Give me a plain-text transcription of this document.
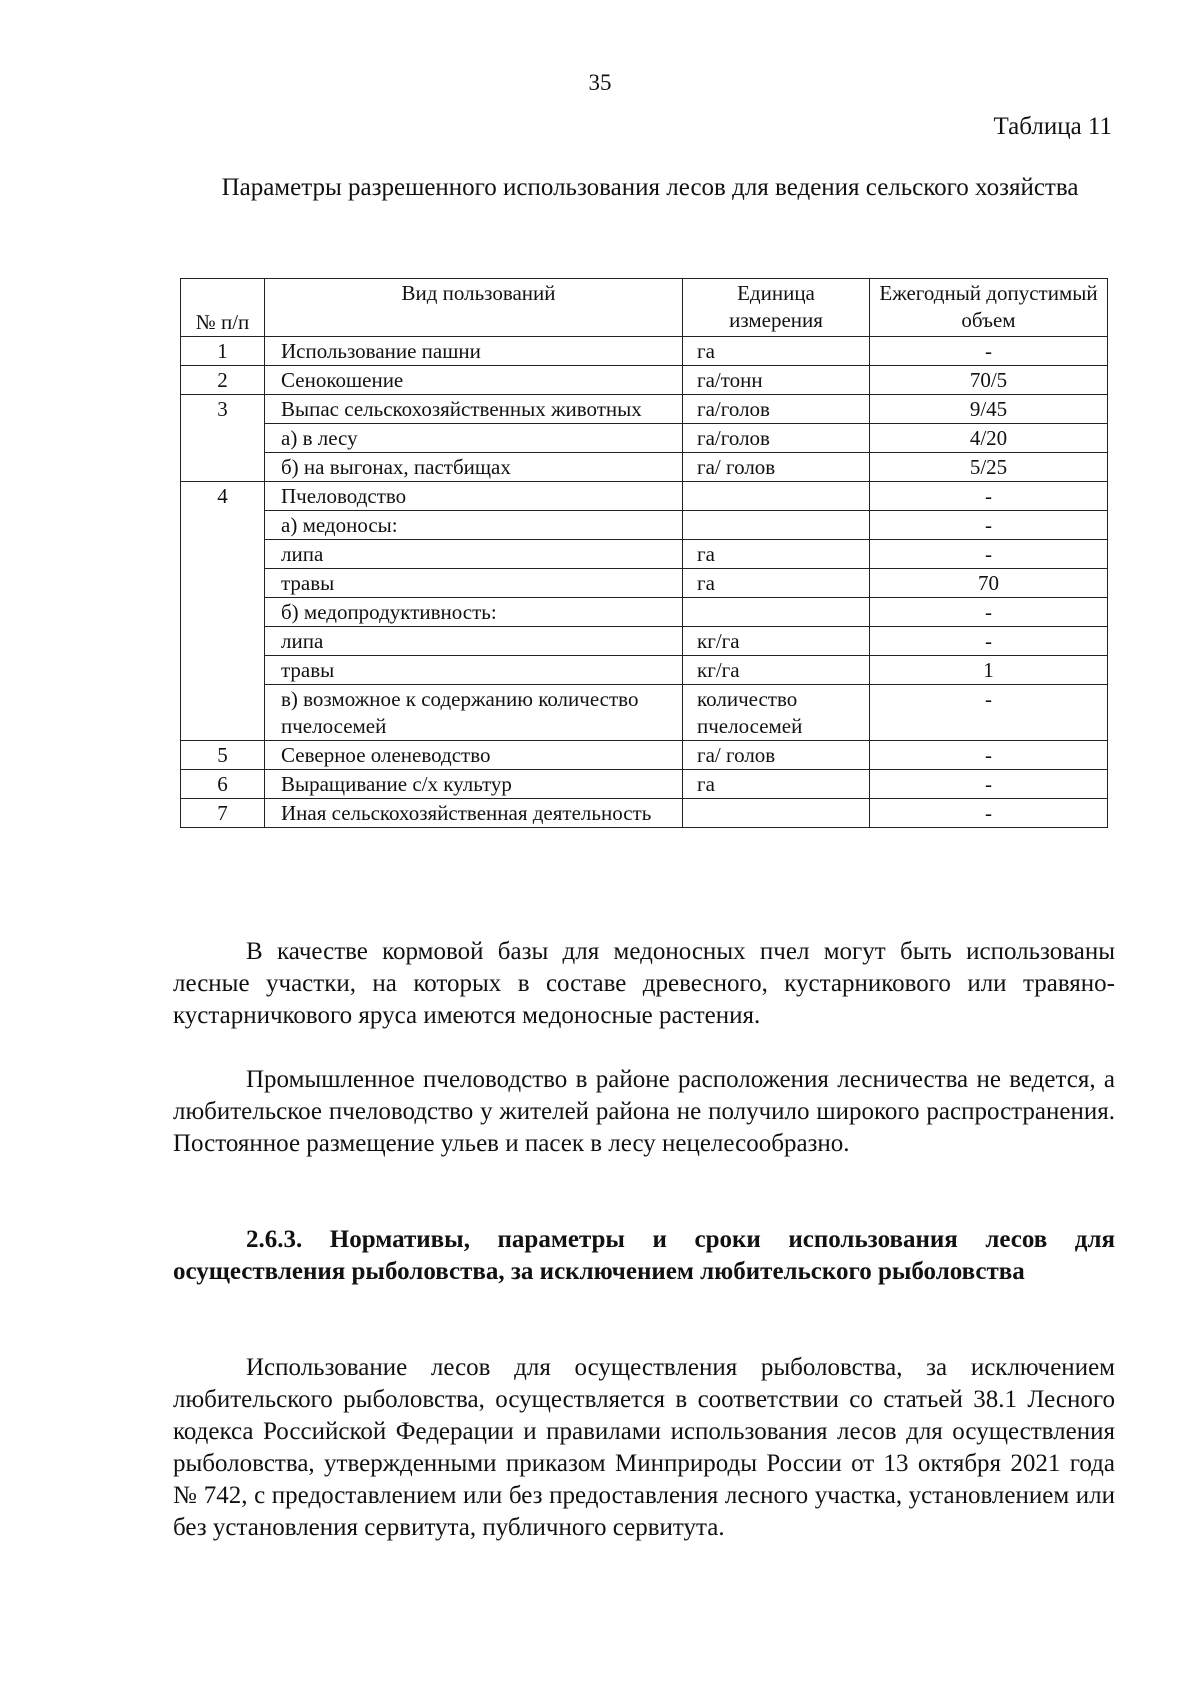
35
Таблица 11
Параметры разрешенного использования лесов для ведения сельского хозяйства
№ п/п	Вид пользований	Единица измерения	Ежегодный допустимый объем
1	Использование пашни	га	-
2	Сенокошение	га/тонн	70/5
3	Выпас сельскохозяйственных животных	га/голов	9/45
	а) в лесу	га/голов	4/20
	б) на выгонах, пастбищах	га/ голов	5/25
4	Пчеловодство		-
	а) медоносы:		-
	липа	га	-
	травы	га	70
	б) медопродуктивность:		-
	липа	кг/га	-
	травы	кг/га	1
	в) возможное к содержанию количество пчелосемей	количество пчелосемей	-
5	Северное оленеводство	га/ голов	-
6	Выращивание с/х культур	га	-
7	Иная сельскохозяйственная деятельность		-

В качестве кормовой базы для медоносных пчел могут быть использованы лесные участки, на которых в составе древесного, кустарникового или травяно-кустарничкового яруса имеются медоносные растения.

Промышленное пчеловодство в районе расположения лесничества не ведется, а любительское пчеловодство у жителей района не получило широкого распространения. Постоянное размещение ульев и пасек в лесу нецелесообразно.

2.6.3. Нормативы, параметры и сроки использования лесов для осуществления рыболовства, за исключением любительского рыболовства

Использование лесов для осуществления рыболовства, за исключением любительского рыболовства, осуществляется в соответствии со статьей 38.1 Лесного кодекса Российской Федерации и правилами использования лесов для осуществления рыболовства, утвержденными приказом Минприроды России от 13 октября 2021 года № 742, с предоставлением или без предоставления лесного участка, установлением или без установления сервитута, публичного сервитута.
